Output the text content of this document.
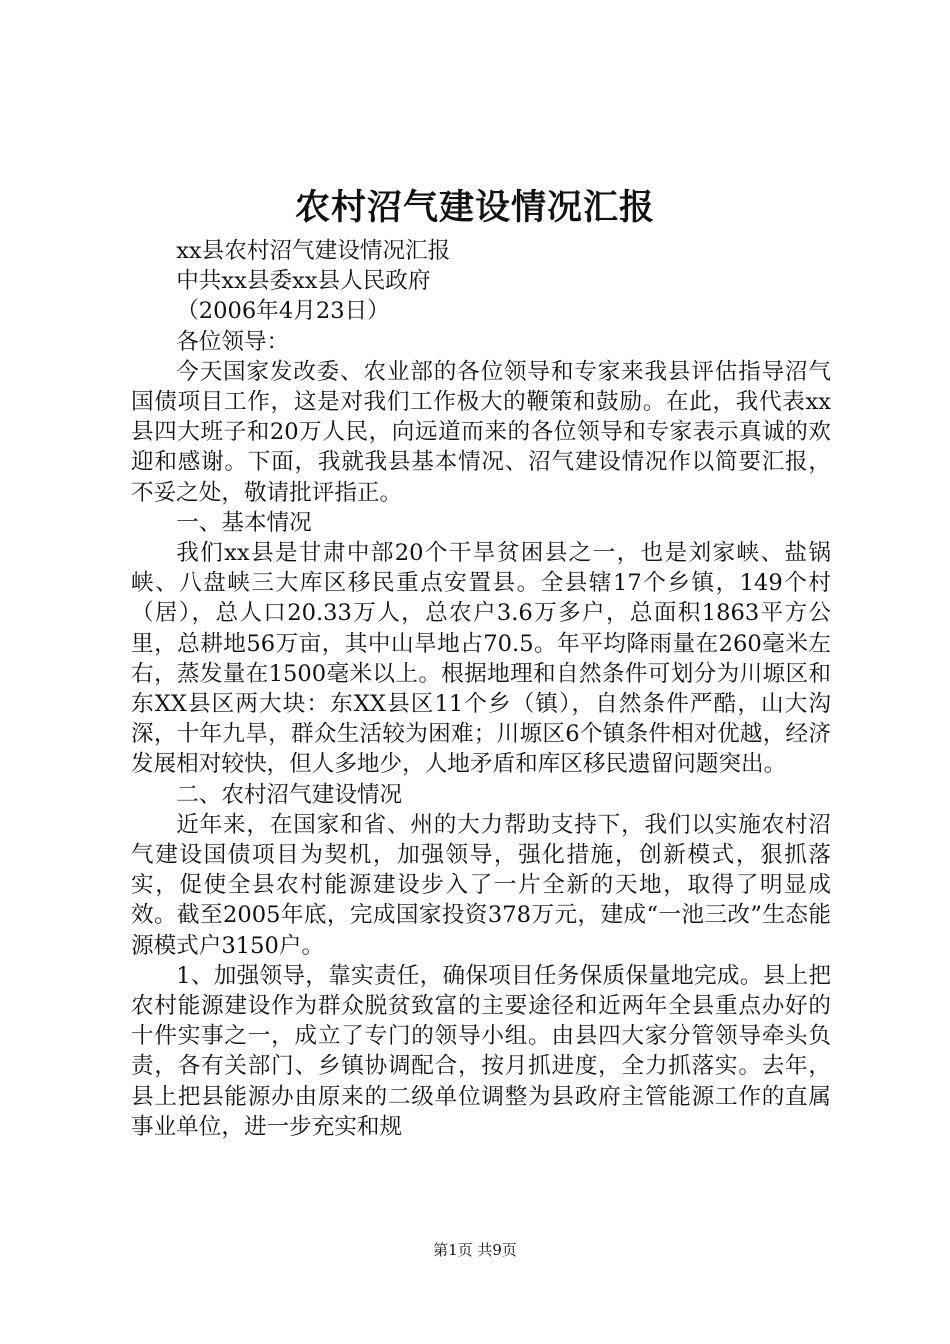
农村沼气建设情况汇报

xx县农村沼气建设情况汇报

中共xx县委xx县人民政府

（2006年4月23日）

各位领导：

今天国家发改委、农业部的各位领导和专家来我县评估指导沼气国债项目工作，这是对我们工作极大的鞭策和鼓励。在此，我代表xx县四大班子和20万人民，向远道而来的各位领导和专家表示真诚的欢迎和感谢。下面，我就我县基本情况、沼气建设情况作以简要汇报，不妥之处，敬请批评指正。

一、基本情况

我们xx县是甘肃中部20个干旱贫困县之一，也是刘家峡、盐锅峡、八盘峡三大库区移民重点安置县。全县辖17个乡镇，149个村（居），总人口20.33万人，总农户3.6万多户，总面积1863平方公里，总耕地56万亩，其中山旱地占70.5。年平均降雨量在260毫米左右，蒸发量在1500毫米以上。根据地理和自然条件可划分为川塬区和东XX县区两大块：东XX县区11个乡（镇），自然条件严酷，山大沟深，十年九旱，群众生活较为困难；川塬区6个镇条件相对优越，经济发展相对较快，但人多地少，人地矛盾和库区移民遗留问题突出。

二、农村沼气建设情况

近年来，在国家和省、州的大力帮助支持下，我们以实施农村沼气建设国债项目为契机，加强领导，强化措施，创新模式，狠抓落实，促使全县农村能源建设步入了一片全新的天地，取得了明显成效。截至2005年底，完成国家投资378万元，建成“一池三改”生态能源模式户3150户。

1、加强领导，靠实责任，确保项目任务保质保量地完成。县上把农村能源建设作为群众脱贫致富的主要途径和近两年全县重点办好的十件实事之一，成立了专门的领导小组。由县四大家分管领导牵头负责，各有关部门、乡镇协调配合，按月抓进度，全力抓落实。去年，县上把县能源办由原来的二级单位调整为县政府主管能源工作的直属事业单位，进一步充实和规

第1页 共9页
